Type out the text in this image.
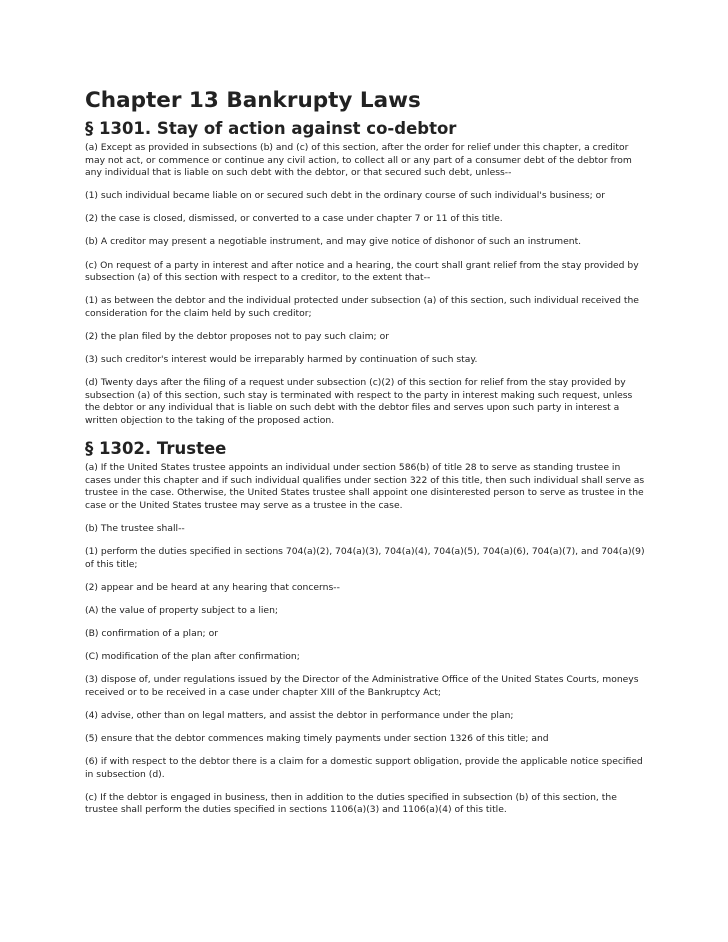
Chapter 13 Bankrupty Laws
§ 1301. Stay of action against co-debtor

(a) Except as provided in subsections (b) and (c) of this section, after the order for relief under this chapter, a creditor may not act, or commence or continue any civil action, to collect all or any part of a consumer debt of the debtor from any individual that is liable on such debt with the debtor, or that secured such debt, unless--

(1) such individual became liable on or secured such debt in the ordinary course of such individual's business; or

(2) the case is closed, dismissed, or converted to a case under chapter 7 or 11 of this title.

(b) A creditor may present a negotiable instrument, and may give notice of dishonor of such an instrument.

(c) On request of a party in interest and after notice and a hearing, the court shall grant relief from the stay provided by subsection (a) of this section with respect to a creditor, to the extent that--

(1) as between the debtor and the individual protected under subsection (a) of this section, such individual received the consideration for the claim held by such creditor;

(2) the plan filed by the debtor proposes not to pay such claim; or

(3) such creditor's interest would be irreparably harmed by continuation of such stay.

(d) Twenty days after the filing of a request under subsection (c)(2) of this section for relief from the stay provided by subsection (a) of this section, such stay is terminated with respect to the party in interest making such request, unless the debtor or any individual that is liable on such debt with the debtor files and serves upon such party in interest a written objection to the taking of the proposed action.

§ 1302. Trustee

(a) If the United States trustee appoints an individual under section 586(b) of title 28 to serve as standing trustee in cases under this chapter and if such individual qualifies under section 322 of this title, then such individual shall serve as trustee in the case. Otherwise, the United States trustee shall appoint one disinterested person to serve as trustee in the case or the United States trustee may serve as a trustee in the case.

(b) The trustee shall--

(1) perform the duties specified in sections 704(a)(2), 704(a)(3), 704(a)(4), 704(a)(5), 704(a)(6), 704(a)(7), and 704(a)(9) of this title;

(2) appear and be heard at any hearing that concerns--

(A) the value of property subject to a lien;

(B) confirmation of a plan; or

(C) modification of the plan after confirmation;

(3) dispose of, under regulations issued by the Director of the Administrative Office of the United States Courts, moneys received or to be received in a case under chapter XIII of the Bankruptcy Act;

(4) advise, other than on legal matters, and assist the debtor in performance under the plan;

(5) ensure that the debtor commences making timely payments under section 1326 of this title; and

(6) if with respect to the debtor there is a claim for a domestic support obligation, provide the applicable notice specified in subsection (d).

(c) If the debtor is engaged in business, then in addition to the duties specified in subsection (b) of this section, the trustee shall perform the duties specified in sections 1106(a)(3) and 1106(a)(4) of this title.
